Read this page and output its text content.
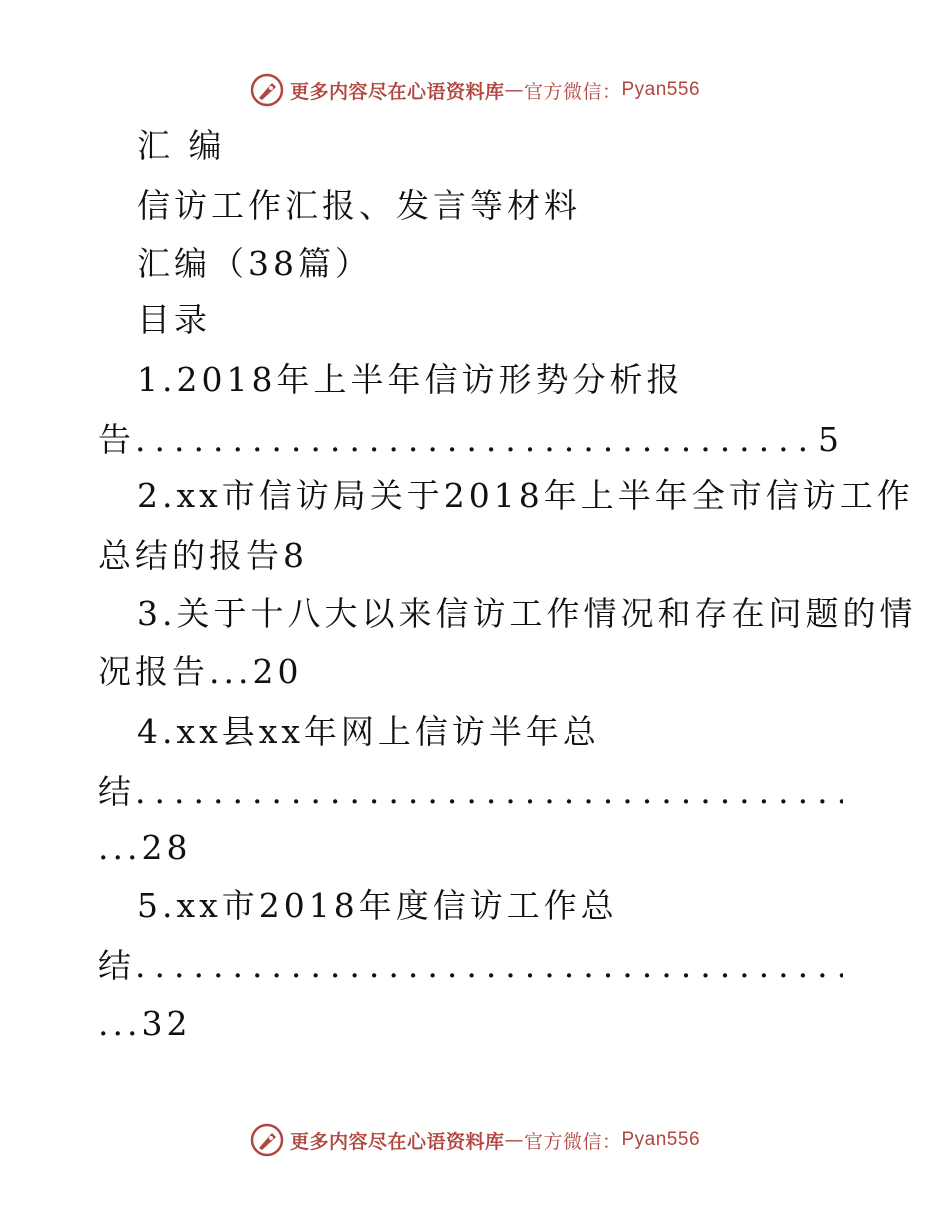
更多内容尽在心语资料库 — 官方微信： Pyan556
汇 编
信访工作汇报、发言等材料
汇编（38篇）
目录
1.2018年上半年信访形势分析报
告 .....	5
2.xx市信访局关于2018年上半年全市信访工作
总结的报告8
3.关于十八大以来信访工作情况和存在问题的情
况报告...20
4.xx县xx年网上信访半年总
结
.....
...28
5.xx市2018年度信访工作总
结
.....
...32
更多内容尽在心语资料库 — 官方微信： Pyan556
